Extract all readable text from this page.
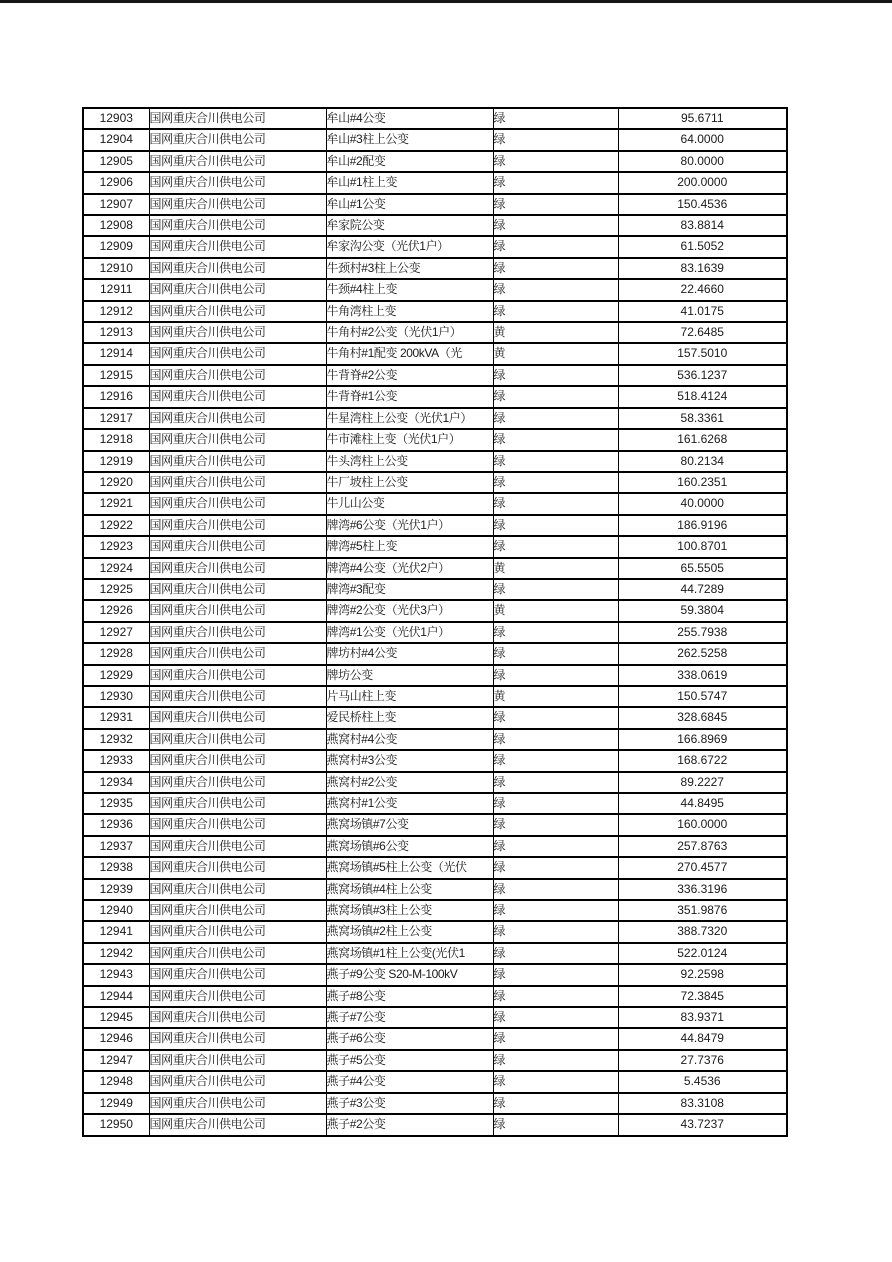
12903	国网重庆合川供电公司	牟山#4公变	绿	95.6711
12904	国网重庆合川供电公司	牟山#3柱上公变	绿	64.0000
12905	国网重庆合川供电公司	牟山#2配变	绿	80.0000
12906	国网重庆合川供电公司	牟山#1柱上变	绿	200.0000
12907	国网重庆合川供电公司	牟山#1公变	绿	150.4536
12908	国网重庆合川供电公司	牟家院公变	绿	83.8814
12909	国网重庆合川供电公司	牟家沟公变（光伏1户）	绿	61.5052
12910	国网重庆合川供电公司	牛颈村#3柱上公变	绿	83.1639
12911	国网重庆合川供电公司	牛颈#4柱上变	绿	22.4660
12912	国网重庆合川供电公司	牛角湾柱上变	绿	41.0175
12913	国网重庆合川供电公司	牛角村#2公变（光伏1户）	黄	72.6485
12914	国网重庆合川供电公司	牛角村#1配变 200kVA（光	黄	157.5010
12915	国网重庆合川供电公司	牛背脊#2公变	绿	536.1237
12916	国网重庆合川供电公司	牛背脊#1公变	绿	518.4124
12917	国网重庆合川供电公司	牛星湾柱上公变（光伏1户）	绿	58.3361
12918	国网重庆合川供电公司	牛市滩柱上变（光伏1户）	绿	161.6268
12919	国网重庆合川供电公司	牛头湾柱上公变	绿	80.2134
12920	国网重庆合川供电公司	牛厂坡柱上公变	绿	160.2351
12921	国网重庆合川供电公司	牛儿山公变	绿	40.0000
12922	国网重庆合川供电公司	牌湾#6公变（光伏1户）	绿	186.9196
12923	国网重庆合川供电公司	牌湾#5柱上变	绿	100.8701
12924	国网重庆合川供电公司	牌湾#4公变（光伏2户）	黄	65.5505
12925	国网重庆合川供电公司	牌湾#3配变	绿	44.7289
12926	国网重庆合川供电公司	牌湾#2公变（光伏3户）	黄	59.3804
12927	国网重庆合川供电公司	牌湾#1公变（光伏1户）	绿	255.7938
12928	国网重庆合川供电公司	牌坊村#4公变	绿	262.5258
12929	国网重庆合川供电公司	牌坊公变	绿	338.0619
12930	国网重庆合川供电公司	片马山柱上变	黄	150.5747
12931	国网重庆合川供电公司	爱民桥柱上变	绿	328.6845
12932	国网重庆合川供电公司	燕窝村#4公变	绿	166.8969
12933	国网重庆合川供电公司	燕窝村#3公变	绿	168.6722
12934	国网重庆合川供电公司	燕窝村#2公变	绿	89.2227
12935	国网重庆合川供电公司	燕窝村#1公变	绿	44.8495
12936	国网重庆合川供电公司	燕窝场镇#7公变	绿	160.0000
12937	国网重庆合川供电公司	燕窝场镇#6公变	绿	257.8763
12938	国网重庆合川供电公司	燕窝场镇#5柱上公变（光伏	绿	270.4577
12939	国网重庆合川供电公司	燕窝场镇#4柱上公变	绿	336.3196
12940	国网重庆合川供电公司	燕窝场镇#3柱上公变	绿	351.9876
12941	国网重庆合川供电公司	燕窝场镇#2柱上公变	绿	388.7320
12942	国网重庆合川供电公司	燕窝场镇#1柱上公变(光伏1	绿	522.0124
12943	国网重庆合川供电公司	燕子#9公变 S20-M-100kV	绿	92.2598
12944	国网重庆合川供电公司	燕子#8公变	绿	72.3845
12945	国网重庆合川供电公司	燕子#7公变	绿	83.9371
12946	国网重庆合川供电公司	燕子#6公变	绿	44.8479
12947	国网重庆合川供电公司	燕子#5公变	绿	27.7376
12948	国网重庆合川供电公司	燕子#4公变	绿	5.4536
12949	国网重庆合川供电公司	燕子#3公变	绿	83.3108
12950	国网重庆合川供电公司	燕子#2公变	绿	43.7237
